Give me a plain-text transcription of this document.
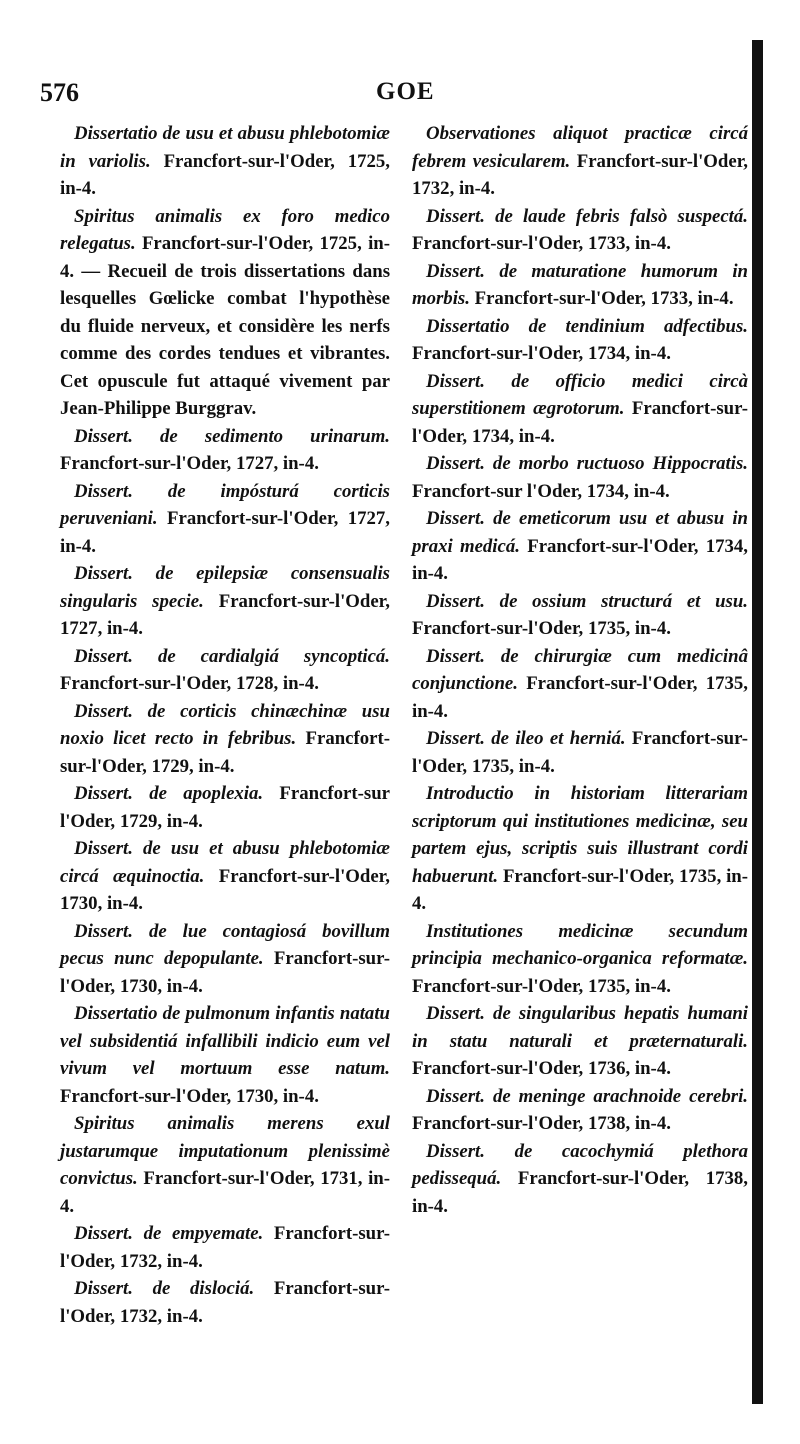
576	GOE

Dissertatio de usu et abusu phlebotomiæ in variolis. Francfort-sur-l'Oder, 1725, in-4.

Spiritus animalis ex foro medico relegatus. Francfort-sur-l'Oder, 1725, in-4. — Recueil de trois dissertations dans lesquelles Gœlicke combat l'hypothèse du fluide nerveux, et considère les nerfs comme des cordes tendues et vibrantes. Cet opuscule fut attaqué vivement par Jean-Philippe Burggrav.

Dissert. de sedimento urinarum. Francfort-sur-l'Oder, 1727, in-4.

Dissert. de impósturá corticis peruveniani. Francfort-sur-l'Oder, 1727, in-4.

Dissert. de epilepsiæ consensualis singularis specie. Francfort-sur-l'Oder, 1727, in-4.

Dissert. de cardialgiá syncopticá. Francfort-sur-l'Oder, 1728, in-4.

Dissert. de corticis chinæchinæ usu noxio licet recto in febribus. Francfort-sur-l'Oder, 1729, in-4.

Dissert. de apoplexia. Francfort-sur l'Oder, 1729, in-4.

Dissert. de usu et abusu phlebotomiæ circá æquinoctia. Francfort-sur-l'Oder, 1730, in-4.

Dissert. de lue contagiosá bovillum pecus nunc depopulante. Francfort-sur-l'Oder, 1730, in-4.

Dissertatio de pulmonum infantis natatu vel subsidentiá infallibili indicio eum vel vivum vel mortuum esse natum. Francfort-sur-l'Oder, 1730, in-4.

Spiritus animalis merens exul justarumque imputationum plenissimè convictus. Francfort-sur-l'Oder, 1731, in-4.

Dissert. de empyemate. Francfort-sur-l'Oder, 1732, in-4.

Dissert. de dislociá. Francfort-sur-l'Oder, 1732, in-4.

Observationes aliquot practicæ circá febrem vesicularem. Francfort-sur-l'Oder, 1732, in-4.

Dissert. de laude febris falsò suspectá. Francfort-sur-l'Oder, 1733, in-4.

Dissert. de maturatione humorum in morbis. Francfort-sur-l'Oder, 1733, in-4.

Dissertatio de tendinium adfectibus. Francfort-sur-l'Oder, 1734, in-4.

Dissert. de officio medici circà superstitionem ægrotorum. Francfort-sur-l'Oder, 1734, in-4.

Dissert. de morbo ructuoso Hippocratis. Francfort-sur l'Oder, 1734, in-4.

Dissert. de emeticorum usu et abusu in praxi medicá. Francfort-sur-l'Oder, 1734, in-4.

Dissert. de ossium structurá et usu. Francfort-sur-l'Oder, 1735, in-4.

Dissert. de chirurgiæ cum medicinâ conjunctione. Francfort-sur-l'Oder, 1735, in-4.

Dissert. de ileo et herniá. Francfort-sur-l'Oder, 1735, in-4.

Introductio in historiam litterariam scriptorum qui institutiones medicinæ, seu partem ejus, scriptis suis illustrant cordi habuerunt. Francfort-sur-l'Oder, 1735, in-4.

Institutiones medicinæ secundum principia mechanico-organica reformatæ. Francfort-sur-l'Oder, 1735, in-4.

Dissert. de singularibus hepatis humani in statu naturali et præternaturali. Francfort-sur-l'Oder, 1736, in-4.

Dissert. de meninge arachnoide cerebri. Francfort-sur-l'Oder, 1738, in-4.

Dissert. de cacochymiá plethora pedissequá. Francfort-sur-l'Oder, 1738, in-4.
